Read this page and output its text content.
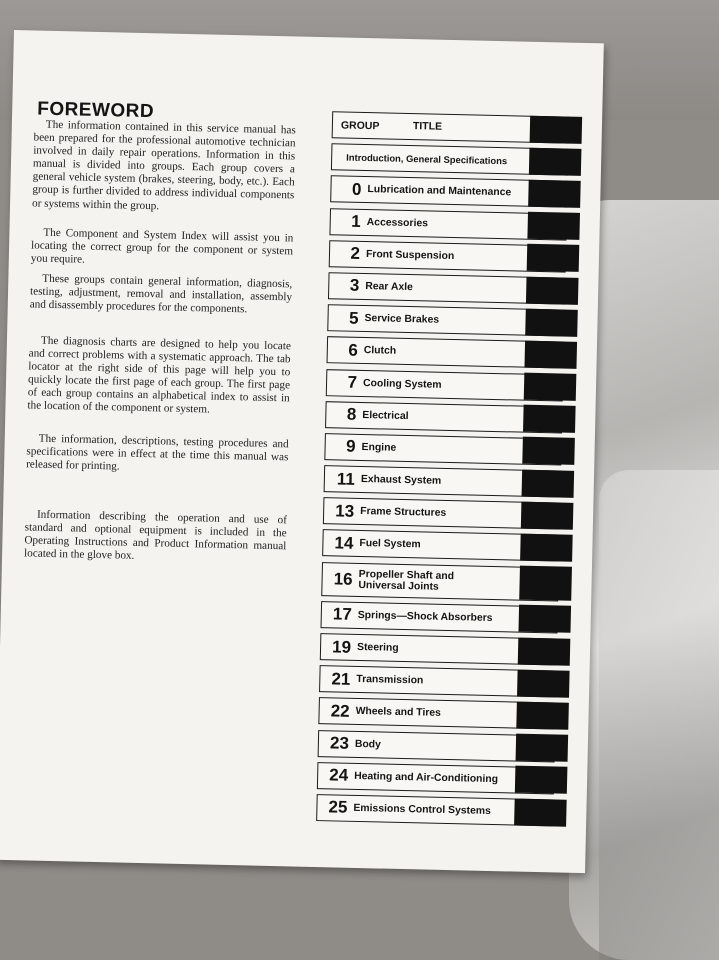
FOREWORD

The information contained in this service manual has been prepared for the professional automotive technician involved in daily repair operations. Information in this manual is divided into groups. Each group covers a general vehicle system (brakes, steering, body, etc.). Each group is further divided to address individual components or systems within the group.

The Component and System Index will assist you in locating the correct group for the component or system you require.

These groups contain general information, diagnosis, testing, adjustment, removal and installation, assembly and disassembly procedures for the components.

The diagnosis charts are designed to help you locate and correct problems with a systematic approach. The tab locator at the right side of this page will help you to quickly locate the first page of each group. The first page of each group contains an alphabetical index to assist in the location of the component or system.

The information, descriptions, testing procedures and specifications were in effect at the time this manual was released for printing.

Information describing the operation and use of standard and optional equipment is included in the Operating Instructions and Product Information manual located in the glove box.

GROUP	TITLE
Introduction, General Specifications
0 Lubrication and Maintenance
1 Accessories
2 Front Suspension
3 Rear Axle
5 Service Brakes
6 Clutch
7 Cooling System
8 Electrical
9 Engine
11 Exhaust System
13 Frame Structures
14 Fuel System
16 Propeller Shaft and Universal Joints
17 Springs—Shock Absorbers
19 Steering
21 Transmission
22 Wheels and Tires
23 Body
24 Heating and Air-Conditioning
25 Emissions Control Systems
